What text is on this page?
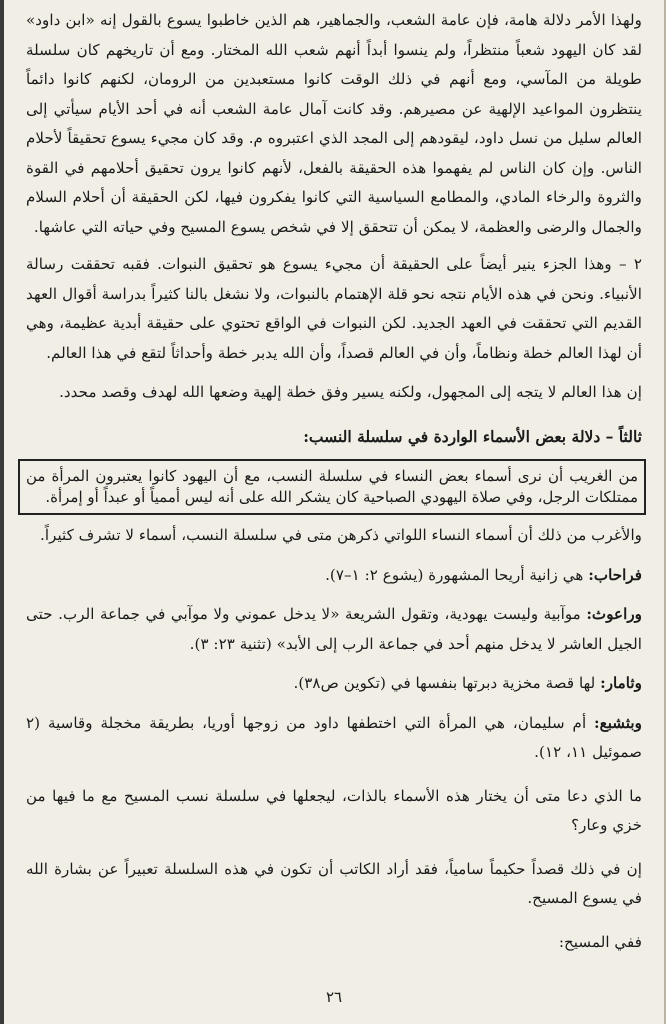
ولهذا الأمر دلالة هامة، فإن عامة الشعب، والجماهير، هم الذين خاطبوا يسوع بالقول إنه «ابن داود» لقد كان اليهود شعباً منتظراً، ولم ينسوا أبداً أنهم شعب الله المختار. ومع أن تاريخهم كان سلسلة طويلة من المآسي، ومع أنهم في ذلك الوقت كانوا مستعبدين من الرومان، لكنهم كانوا دائماً ينتظرون المواعيد الإلهية عن مصيرهم. وقد كانت آمال عامة الشعب أنه في أحد الأيام سيأتي إلى العالم سليل من نسل داود، ليقودهم إلى المجد الذي اعتبروه م. وقد كان مجيء يسوع تحقيقاً لأحلام الناس. وإن كان الناس لم يفهموا هذه الحقيقة بالفعل، لأنهم كانوا يرون تحقيق أحلامهم في القوة والثروة والرخاء المادي، والمطامع السياسية التي كانوا يفكرون فيها، لكن الحقيقة أن أحلام السلام والجمال والرضى والعظمة، لا يمكن أن تتحقق إلا في شخص يسوع المسيح وفي حياته التي عاشها.

٢ – وهذا الجزء ينير أيضاً على الحقيقة أن مجيء يسوع هو تحقيق النبوات. فقبه تحققت رسالة الأنبياء. ونحن في هذه الأيام نتجه نحو قلة الإهتمام بالنبوات، ولا نشغل بالنا كثيراً بدراسة أقوال العهد القديم التي تحققت في العهد الجديد. لكن النبوات في الواقع تحتوي على حقيقة أبدية عظيمة، وهي أن لهذا العالم خطة ونظاماً، وأن في العالم قصداً، وأن الله يدبر خطة وأحداثاً لتقع في هذا العالم.

إن هذا العالم لا يتجه إلى المجهول، ولكنه يسير وفق خطة إلهية وضعها الله لهدف وقصد محدد.

ثالثاً – دلالة بعض الأسماء الواردة في سلسلة النسب:

من الغريب أن نرى أسماء بعض النساء في سلسلة النسب، مع أن اليهود كانوا يعتبرون المرأة من ممتلكات الرجل، وفي صلاة اليهودي الصباحية كان يشكر الله على أنه ليس أممياً أو عبداً أو إمرأة.

والأغرب من ذلك أن أسماء النساء اللواتي ذكرهن متى في سلسلة النسب، أسماء لا تشرف كثيراً.

فراحاب: هي زانية أريحا المشهورة (يشوع ٢: ١–٧).

وراعوث: موآبية وليست يهودية، وتقول الشريعة «لا يدخل عموني ولا موآبي في جماعة الرب. حتى الجيل العاشر لا يدخل منهم أحد في جماعة الرب إلى الأبد» (تثنية ٢٣: ٣).

وثامار: لها قصة مخزية دبرتها بنفسها في (تكوين ص٣٨).

وبثشبع: أم سليمان، هي المرأة التي اختطفها داود من زوجها أوريا، بطريقة مخجلة وقاسية (٢ صموئيل ١١، ١٢).

ما الذي دعا متى أن يختار هذه الأسماء بالذات، ليجعلها في سلسلة نسب المسيح مع ما فيها من خزي وعار؟

إن في ذلك قصداً حكيماً سامياً، فقد أراد الكاتب أن تكون في هذه السلسلة تعبيراً عن بشارة الله في يسوع المسيح.

ففي المسيح:

٢٦
